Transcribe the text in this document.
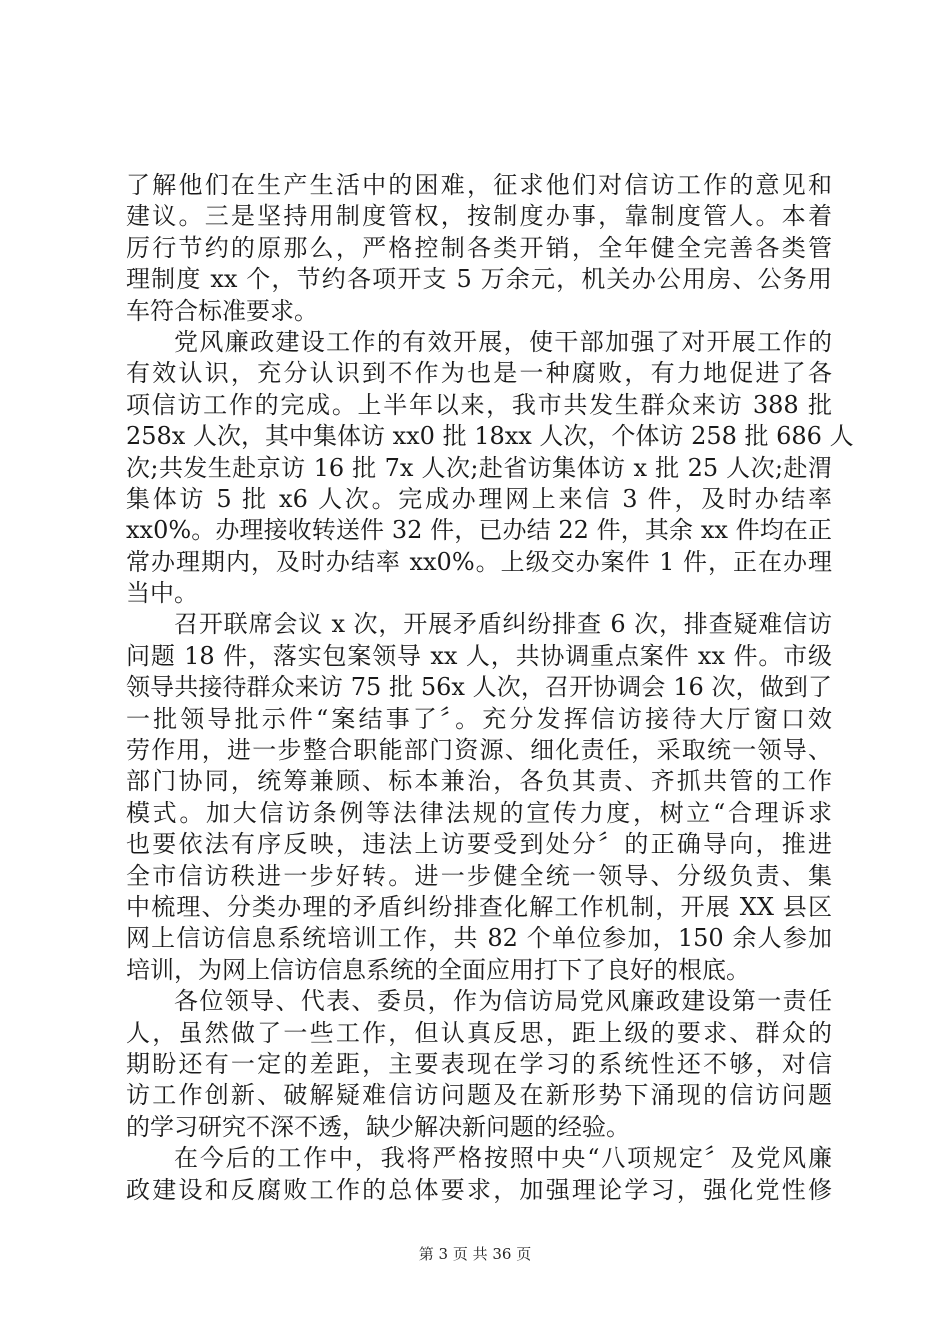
了解他们在生产生活中的困难，征求他们对信访工作的意见和
建议。三是坚持用制度管权，按制度办事，靠制度管人。本着
厉行节约的原那么，严格控制各类开销，全年健全完善各类管
理制度 xx 个，节约各项开支 5 万余元，机关办公用房、公务用
车符合标准要求。
党风廉政建设工作的有效开展，使干部加强了对开展工作的
有效认识，充分认识到不作为也是一种腐败，有力地促进了各
项信访工作的完成。上半年以来，我市共发生群众来访 388 批
258x 人次，其中集体访 xx0 批 18xx 人次，个体访 258 批 686 人
次;共发生赴京访 16 批 7x 人次;赴省访集体访 x 批 25 人次;赴渭
集体访 5 批 x6 人次。完成办理网上来信 3 件，及时办结率
xx0%。办理接收转送件 32 件，已办结 22 件，其余 xx 件均在正
常办理期内，及时办结率 xx0%。上级交办案件 1 件，正在办理
当中。
召开联席会议 x 次，开展矛盾纠纷排查 6 次，排查疑难信访
问题 18 件，落实包案领导 xx 人，共协调重点案件 xx 件。市级
领导共接待群众来访 75 批 56x 人次，召开协调会 16 次，做到了
一批领导批示件“案结事了〞。充分发挥信访接待大厅窗口效
劳作用，进一步整合职能部门资源、细化责任，采取统一领导、
部门协同，统筹兼顾、标本兼治，各负其责、齐抓共管的工作
模式。加大信访条例等法律法规的宣传力度，树立“合理诉求
也要依法有序反映，违法上访要受到处分〞的正确导向，推进
全市信访秩进一步好转。进一步健全统一领导、分级负责、集
中梳理、分类办理的矛盾纠纷排查化解工作机制，开展 XX 县区
网上信访信息系统培训工作，共 82 个单位参加，150 余人参加
培训，为网上信访信息系统的全面应用打下了良好的根底。
各位领导、代表、委员，作为信访局党风廉政建设第一责任
人，虽然做了一些工作，但认真反思，距上级的要求、群众的
期盼还有一定的差距，主要表现在学习的系统性还不够，对信
访工作创新、破解疑难信访问题及在新形势下涌现的信访问题
的学习研究不深不透，缺少解决新问题的经验。
在今后的工作中，我将严格按照中央“八项规定〞及党风廉
政建设和反腐败工作的总体要求，加强理论学习，强化党性修
第 3 页 共 36 页
